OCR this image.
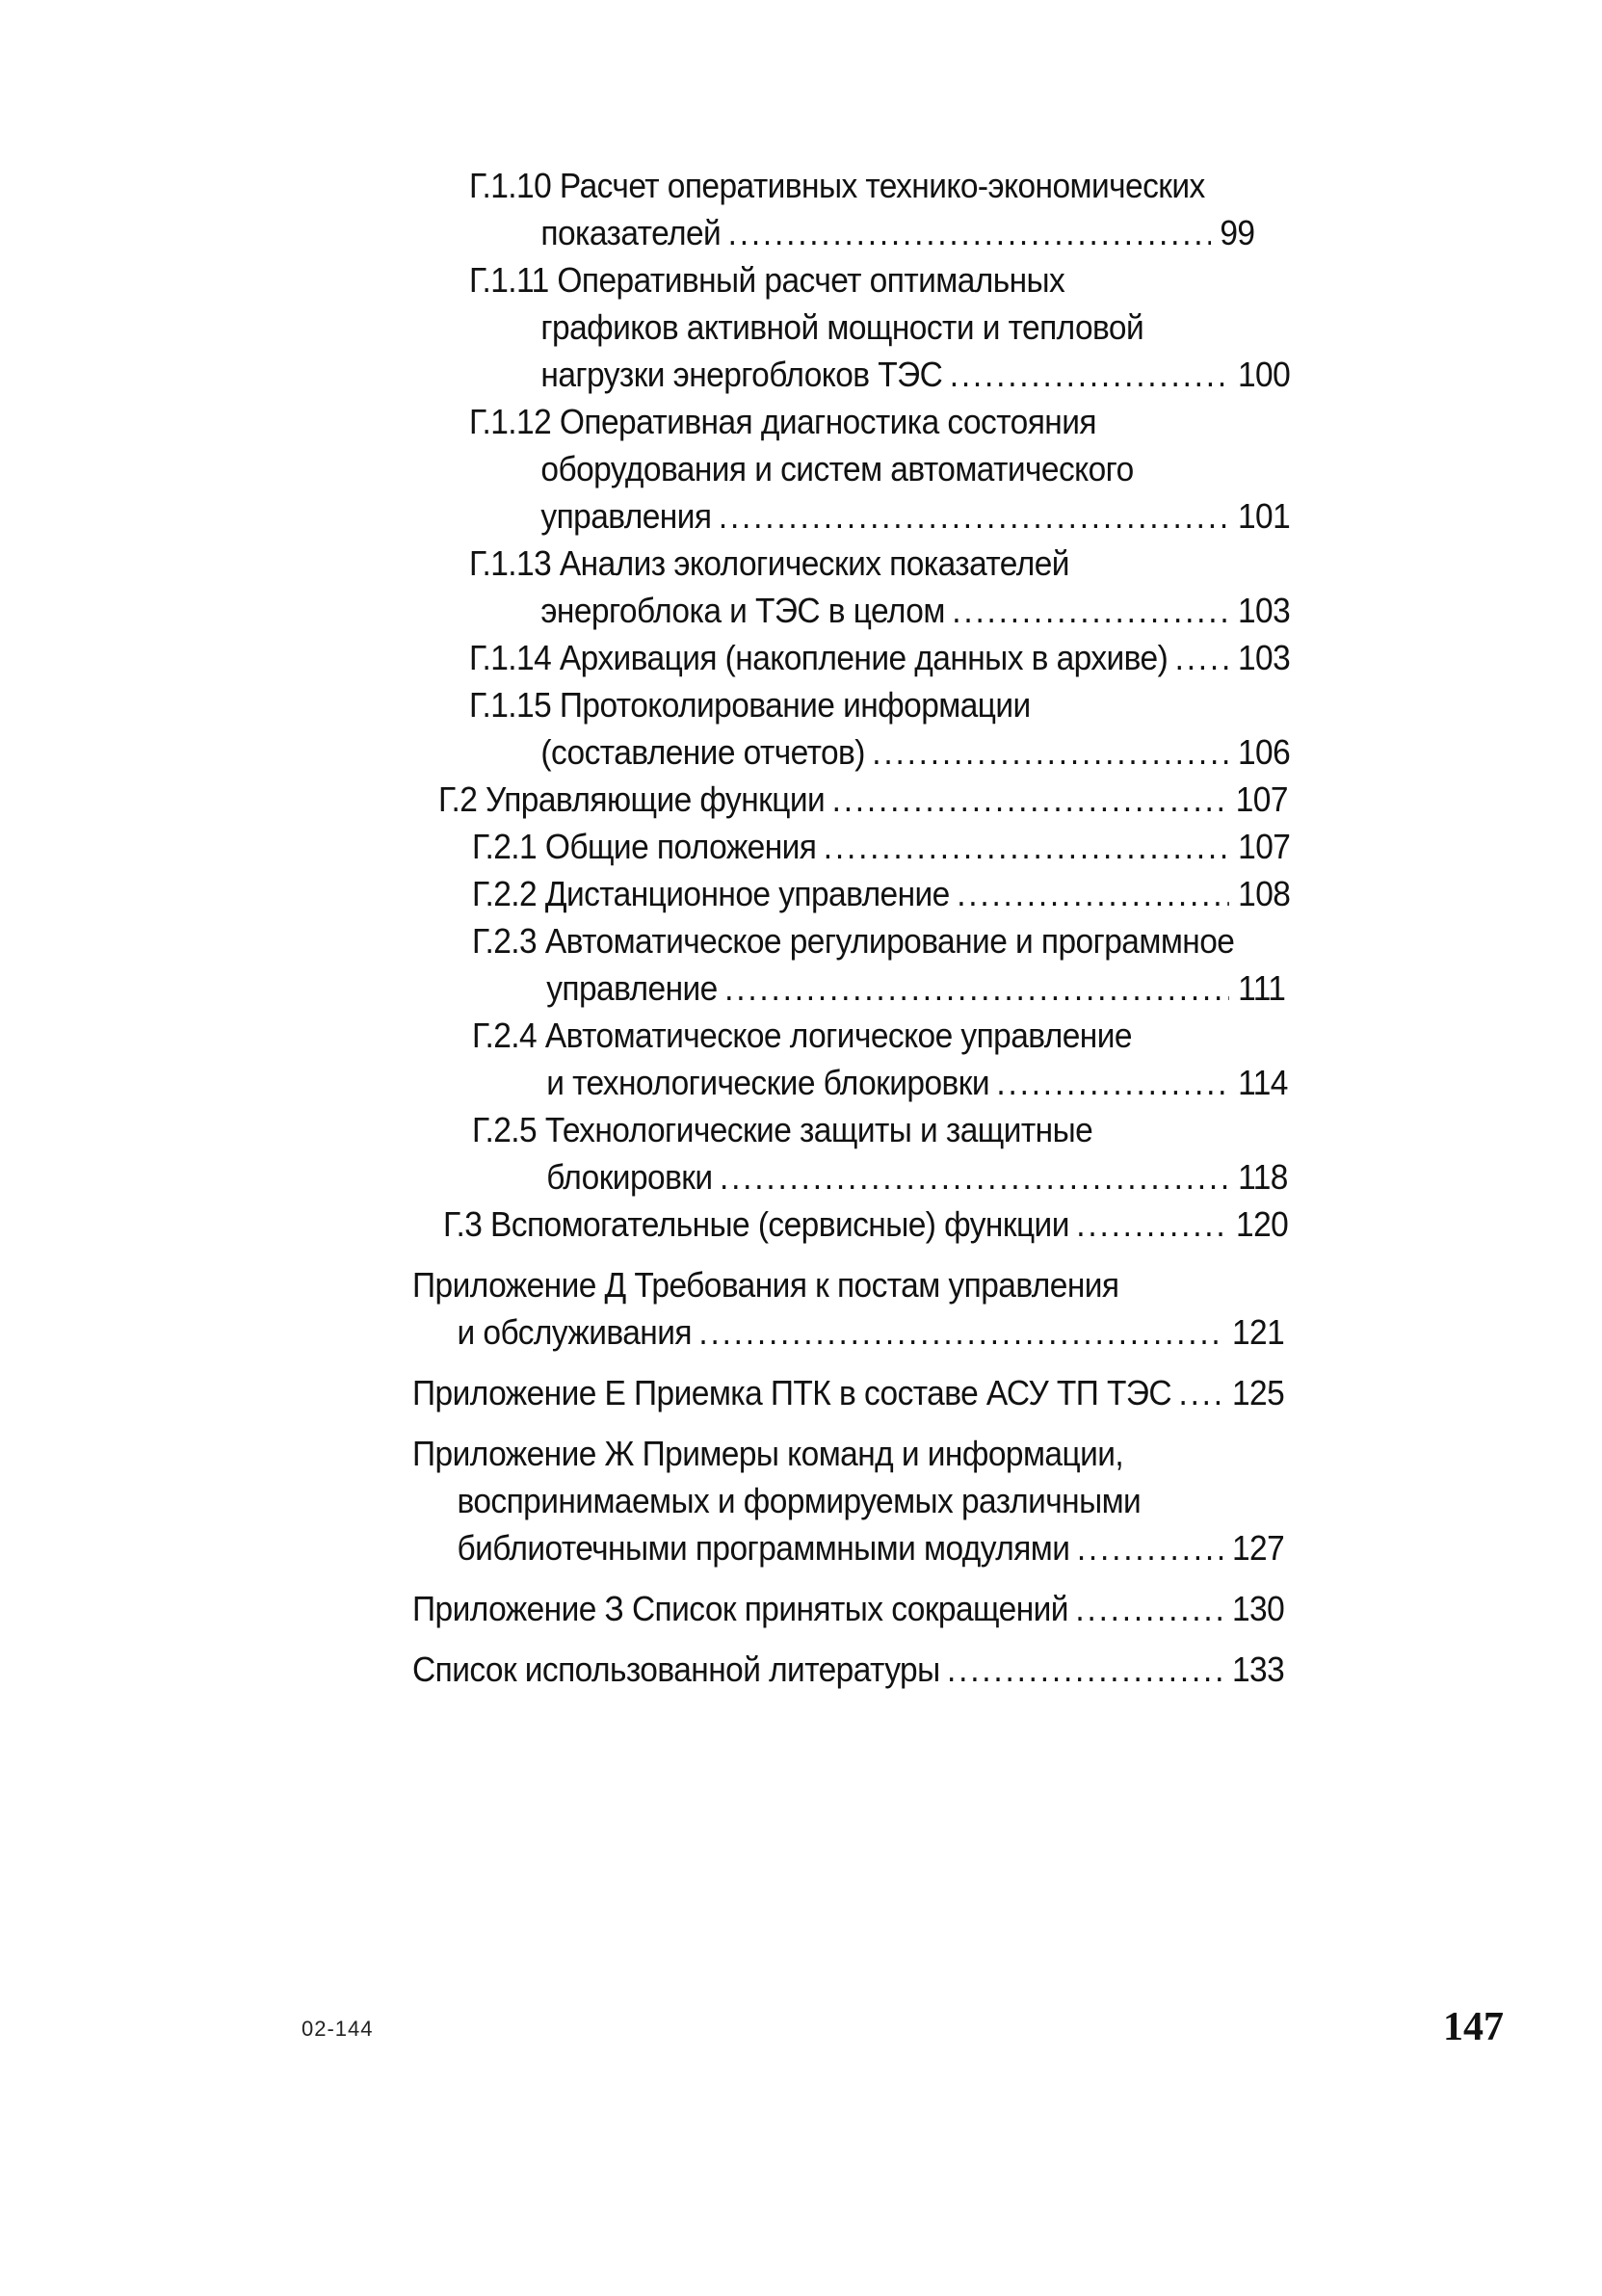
Г.1.10 Расчет оперативных технико-экономических
показателей .....	99
Г.1.11 Оперативный расчет оптимальных
графиков активной мощности и тепловой
нагрузки энергоблоков ТЭС .....	100
Г.1.12 Оперативная диагностика состояния
оборудования и систем автоматического
управления .....	101
Г.1.13 Анализ экологических показателей
энергоблока и ТЭС в целом .....	103
Г.1.14 Архивация (накопление данных в архиве) ..... 103
Г.1.15 Протоколирование информации
(составление отчетов) .....	106
Г.2 Управляющие функции .....	107
Г.2.1 Общие положения .....	107
Г.2.2 Дистанционное управление .....	108
Г.2.3 Автоматическое регулирование и программное
управление .....	111
Г.2.4 Автоматическое логическое управление
и технологические блокировки .....	114
Г.2.5 Технологические защиты и защитные
блокировки .....	118
Г.3 Вспомогательные (сервисные) функции .....	120
Приложение Д Требования к постам управления
и обслуживания .....	121
Приложение Е Приемка ПТК в составе АСУ ТП ТЭС ..... 125
Приложение Ж Примеры команд и информации,
воспринимаемых и формируемых различными
библиотечными программными модулями .....	127
Приложение З Список принятых сокращений .....	130
Список использованной литературы .....	133
02-144	147
